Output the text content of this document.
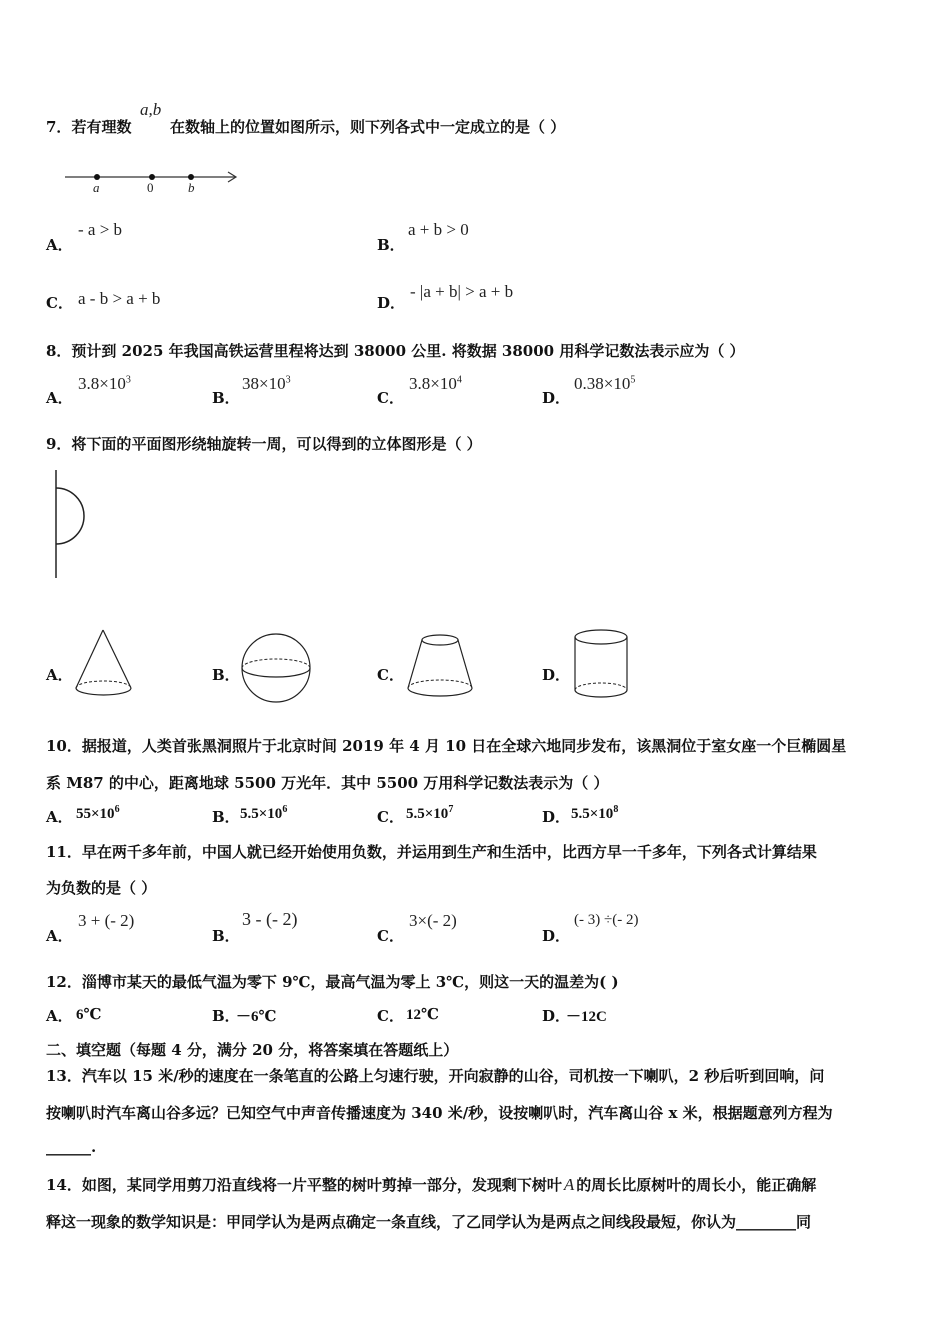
7．若有理数
a,b
在数轴上的位置如图所示，则下列各式中一定成立的是（ ）
a	0	b
A．
- a > b
B．
a + b > 0
C． a - b > a + b	D．
- |a + b| > a + b
8．预计到 2025 年我国高铁运营里程将达到 38000 公里. 将数据 38000 用科学记数法表示应为（ ）
A．
$3.8\times 10^3$
B．
$38\times 10^3$
C．
$3.8\times 10^4$
D．
$0.38\times 10^5$
9．将下面的平面图形绕轴旋转一周，可以得到的立体图形是（ ）
A．	B．	C．	D．
10．据报道，人类首张黑洞照片于北京时间 2019 年 4 月 10 日在全球六地同步发布，该黑洞位于室女座一个巨椭圆星
系 M87 的中心，距离地球 5500 万光年．其中 5500 万用科学记数法表示为（ ）
A． $55\times 10^6$	B． $5.5\times 10^6$	C． $5.5\times 10^7$	D． $5.5\times 10^8$
11．早在两千多年前，中国人就已经开始使用负数，并运用到生产和生活中，比西方早一千多年，下列各式计算结果
为负数的是（ ）
A．
3 + (- 2)
B．
3 - (- 2)
C．
3×(- 2)
D．
(- 3) ÷(- 2)
12．淄博市某天的最低气温为零下 9℃，最高气温为零上 3℃，则这一天的温差为( )
A． 6℃	B．
－6℃	C． 12℃	D．
－12C
二、填空题（每题 4 分，满分 20 分，将答案填在答题纸上）
13．汽车以 15 米/秒的速度在一条笔直的公路上匀速行驶，开向寂静的山谷，司机按一下喇叭，2 秒后听到回响，问
按喇叭时汽车离山谷多远？已知空气中声音传播速度为 340 米/秒，设按喇叭时，汽车离山谷 x 米，根据题意列方程为
______.
14．如图，某同学用剪刀沿直线将一片平整的树叶剪掉一部分，发现剩下树叶 A 的周长比原树叶的周长小，能正确解
释这一现象的数学知识是：甲同学认为是两点确定一条直线，了乙同学认为是两点之间线段最短，你认为________同
